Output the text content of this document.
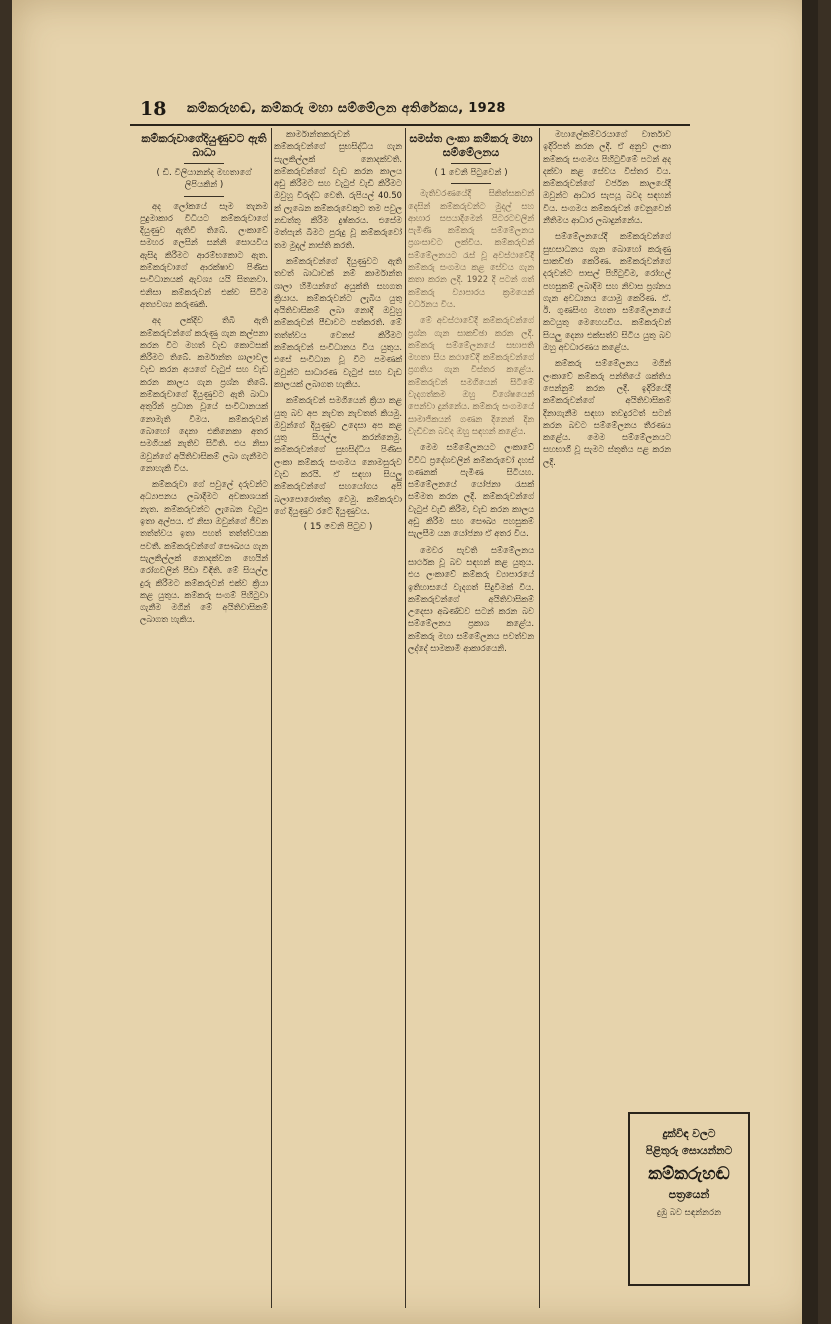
18 කම්කරුහඬ, කම්කරු මහා සම්මේලන අතිරේකය, 1928
කම්කරුවාගේදියුණුවට ඇති බාධා
( ඩී. විලියානන්ද මහතාගේ ලිපියකින් )

අද ලෝකයේ සෑම තැනම පුදුමාකාර විධියට කම්කරුවාගේ දියුණුව ඇතිවී තිබේ. ලංකාවේ සමහර ලෙසින් සන්නි සොයවිය ඇසිදා කිරීමට ආරම්භකොට ඇත. කම්කරුවාගේ ආරක්ෂාව පිණිස සංවිධානයක් ඇවශ්‍ය යයි සිතනවා. එනිසා කම්කරුවන් එක්ව සිටීම අත්‍යවශ්‍ය කරුණකි.

අද ලක්දිව තිබී ඇති කම්කරුවන්ගේ කරුණු ගැන කල්පනා කරන විට මහත් වැඩ කොටසක් කිරීමට තිබේ. කර්මාන්ත ශාලාවල වැඩ කරන අයගේ වැටුප් සහ වැඩ කරන කාලය ගැන ප්‍රශ්න තිබේ. කම්කරුවාගේ දියුණුවට ඇති බාධා අතුරින් ප්‍රධාන වූයේ සංවිධානයක් නොමැති වීමය. කම්කරුවන් බොහෝ දෙනා එකිනෙකා අතර සමගියක් නැතිව සිටිති. එය නිසා ඔවුන්ගේ අයිතිවාසිකම් ලබා ගැනීමට නොහැකි විය.

කම්කරුවා ගේ පවුලේ දරුවන්ට අධ්‍යාපනය ලබාදීමට අවකාශයක් නැත. කම්කරුවන්ට ලැබෙන වැටුප ඉතා අල්පය. ඒ නිසා ඔවුන්ගේ ජීවන තත්ත්වය ඉතා පහත් තත්ත්වයක පවතී. කම්කරුවන්ගේ සෞඛ්‍යය ගැන සැලකිල්ලක් නොදක්වන හෙයින් රෝගවලින් පීඩා විඳිති. මේ සියල්ල දුරු කිරීමට කම්කරුවන් එක්ව ක්‍රියා කළ යුතුය. කම්කරු සංගම් පිහිටුවා ගැනීම මගින් මේ අයිතිවාසිකම් ලබාගත හැකිය.

කාර්මාන්තකරුවන් කම්කරුවන්ගේ සුභසිද්ධිය ගැන සැලකිල්ලක් නොදක්වති. කම්කරුවන්ගේ වැඩ කරන කාලය අඩු කිරීමට සහ වැටුප් වැඩි කිරීමට ඔවුහු විරුද්ධ වෙති. රුපියල් 40.50 ක් ලැබෙන කම්කරුවෙකුට තම පවුල නඩත්තු කිරීම දුෂ්කරය. එසේම මත්පැන් බීමට පුරුදු වූ කම්කරුවෝ තම මුදල් නාස්ති කරති.

කම්කරුවන්ගේ දියුණුවට ඇති තවත් බාධාවක් නම් කාර්මාන්ත ශාලා හිමියන්ගේ අයුක්ති සහගත ක්‍රියාය. කම්කරුවන්ට ලැබිය යුතු අයිතිවාසිකම් ලබා නොදී ඔවුහු කම්කරුවන් පීඩාවට පත්කරති. මේ තත්ත්වය වෙනස් කිරීමට කම්කරුවන් සංවිධානය විය යුතුය. එසේ සංවිධාන වූ විට පමණක් ඔවුන්ට සාධාරණ වැටුප් සහ වැඩ කාලයක් ලබාගත හැකිය.

කම්කරුවන් සමගියෙන් ක්‍රියා කළ යුතු බව අප නැවත නැවතත් කියමු. ඔවුන්ගේ දියුණුව උදෙසා අප කළ යුතු සියල්ල කරන්නෙමු. කම්කරුවන්ගේ සුභසිද්ධිය පිණිස ලංකා කම්කරු සංගමය නොමසුරුව වැඩ කරයි. ඒ සඳහා සියලු කම්කරුවන්ගේ සහයෝගය අපි බලාපොරොත්තු වෙමු. කම්කරුවා ගේ දියුණුව රටේ දියුණුවය.

( 15 වෙනි පිටුව )
සමස්ත ලංකා කම්කරු මහා සම්මේලනය
( 1 වෙනි පිටුවෙන් )

මැතිවරණයේදී සිකිත්සකවන් දෙසින් කම්කරුවන්ට මුදල් සහ ආහාර සපයාදීමෙන් පිටරටවලින් පැමිණි කම්කරු සම්මේලනය ප්‍රශංසාවට ලක්විය. කම්කරුවන් සම්මේලනයට රැස් වූ අවස්ථාවේදී කම්කරු සංගමය කළ සේවය ගැන කතා කරන ලදී. 1922 දී පටන් ගත් කම්කරු ව්‍යාපාරය ක්‍රමයෙන් වර්ධනය විය.

මේ අවස්ථාවේදී කම්කරුවන්ගේ ප්‍රශ්න ගැන සාකච්ඡා කරන ලදී. කම්කරු සම්මේලනයේ සභාපති මහතා සිය කථාවේදී කම්කරුවන්ගේ ප්‍රගතිය ගැන විස්තර කළේය. කම්කරුවන් සමගියෙන් සිටීමේ වැදගත්කම ඔහු විශේෂයෙන් පෙන්වා දුන්නේය. කම්කරු සංගමයේ සාමාජිකයන් ගණන දිනෙන් දින වැඩිවන බවද ඔහු සඳහන් කළේය.

මෙම සම්මේලනයට ලංකාවේ විවිධ ප්‍රදේශවලින් කම්කරුවෝ දහස් ගණනක් පැමිණ සිටියහ. සම්මේලනයේ යෝජනා රැසක් සම්මත කරන ලදී. කම්කරුවන්ගේ වැටුප් වැඩි කිරීම, වැඩ කරන කාලය අඩු කිරීම සහ සෞඛ්‍ය පහසුකම් සැලසීම යන යෝජනා ඒ අතර විය.

මෙවර පැවති සම්මේලනය සාර්ථක වූ බව සඳහන් කළ යුතුය. එය ලංකාවේ කම්කරු ව්‍යාපාරයේ ඉතිහාසයේ වැදගත් සිදුවීමක් විය. කම්කරුවන්ගේ අයිතිවාසිකම් උදෙසා අඛණ්ඩව සටන් කරන බව සම්මේලනය ප්‍රකාශ කළේය. කම්කරු මහා සම්මේලනය පවත්වන ලද්දේ සාමකාමී ආකාරයෙනි.

මහාලේකම්වරයාගේ වාර්තාව ඉදිරිපත් කරන ලදී. ඒ අනුව ලංකා කම්කරු සංගමය පිහිටුවීමේ පටන් අද දක්වා කළ සේවය විස්තර විය. කම්කරුවන්ගේ වර්ජන කාලයේදී ඔවුන්ට ආධාර සැපයූ බවද සඳහන් විය. සංගමය කම්කරුවන් වෙනුවෙන් නීතිමය ආධාර ලබාදුන්නේය.

සම්මේලනයේදී කම්කරුවන්ගේ සුභසාධනය ගැන බොහෝ කරුණු සාකච්ඡා කෙරිණ. කම්කරුවන්ගේ දරුවන්ට පාසල් පිහිටුවීම, රෝහල් පහසුකම් ලබාදීම සහ නිවාස ප්‍රශ්නය ගැන අවධානය යොමු කෙරිණ. ඒ. ඊ. ගුණසිංහ මහතා සම්මේලනයේ කටයුතු මෙහෙයවීය. කම්කරුවන් සියලු දෙනා එක්සත්ව සිටිය යුතු බව ඔහු අවධාරණය කළේය.

කම්කරු සම්මේලනය මගින් ලංකාවේ කම්කරු පන්තියේ ශක්තිය පෙන්නුම් කරන ලදී. ඉදිරියේදී කම්කරුවන්ගේ අයිතිවාසිකම් දිනාගැනීම සඳහා තවදුරටත් සටන් කරන බවට සම්මේලනය තීරණය කළේය. මෙම සම්මේලනයට සහභාගී වූ සැමට ස්තුතිය පළ කරන ලදී.

දුක්විඳ වලට
පිළිතුරු සොයන්නට
කම්කරුහඬ
පත්‍රයෙන්
දුඹු බව සඳන්නරන
